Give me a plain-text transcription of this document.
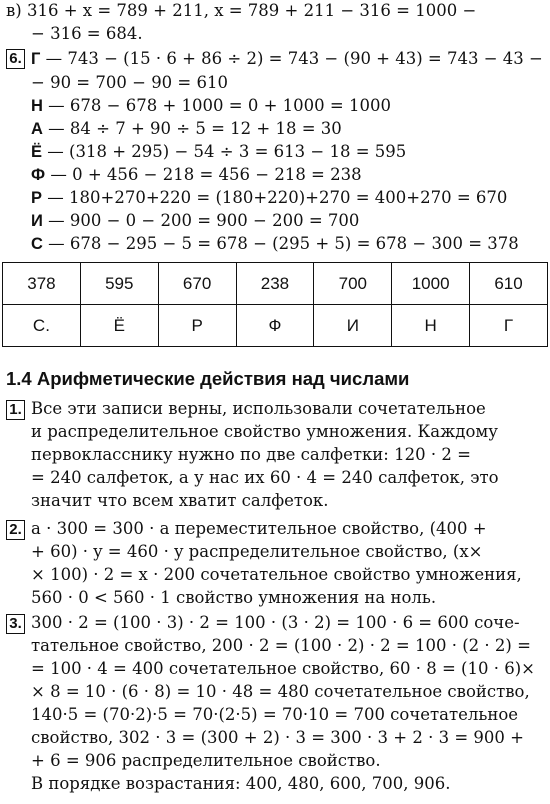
в) 316 + x = 789 + 211, x = 789 + 211 − 316 = 1000 −
− 316 = 684.
6. Г — 743 − (15 · 6 + 86 ÷ 2) = 743 − (90 + 43) = 743 − 43 −
− 90 = 700 − 90 = 610
Н — 678 − 678 + 1000 = 0 + 1000 = 1000
А — 84 ÷ 7 + 90 ÷ 5 = 12 + 18 = 30
Ё — (318 + 295) − 54 ÷ 3 = 613 − 18 = 595
Ф — 0 + 456 − 218 = 456 − 218 = 238
Р — 180+270+220 = (180+220)+270 = 400+270 = 670
И — 900 − 0 − 200 = 900 − 200 = 700
С — 678 − 295 − 5 = 678 − (295 + 5) = 678 − 300 = 378
378	595	670	238	700	1000	610
С.	Ё	Р	Ф	И	Н	Г
1.4 Арифметические действия над числами
1. Все эти записи верны, использовали сочетательное
и распределительное свойство умножения. Каждому
первокласснику нужно по две салфетки: 120 · 2 =
= 240 салфеток, а у нас их 60 · 4 = 240 салфеток, это
значит что всем хватит салфеток.
2. a · 300 = 300 · a переместительное свойство, (400 +
+ 60) · y = 460 · y распределительное свойство, (x×
× 100) · 2 = x · 200 сочетательное свойство умножения,
560 · 0 < 560 · 1 свойство умножения на ноль.
3. 300 · 2 = (100 · 3) · 2 = 100 · (3 · 2) = 100 · 6 = 600 соче-
тательное свойство, 200 · 2 = (100 · 2) · 2 = 100 · (2 · 2) =
= 100 · 4 = 400 сочетательное свойство, 60 · 8 = (10 · 6)×
× 8 = 10 · (6 · 8) = 10 · 48 = 480 сочетательное свойство,
140·5 = (70·2)·5 = 70·(2·5) = 70·10 = 700 сочетательное
свойство, 302 · 3 = (300 + 2) · 3 = 300 · 3 + 2 · 3 = 900 +
+ 6 = 906 распределительное свойство.
В порядке возрастания: 400, 480, 600, 700, 906.
